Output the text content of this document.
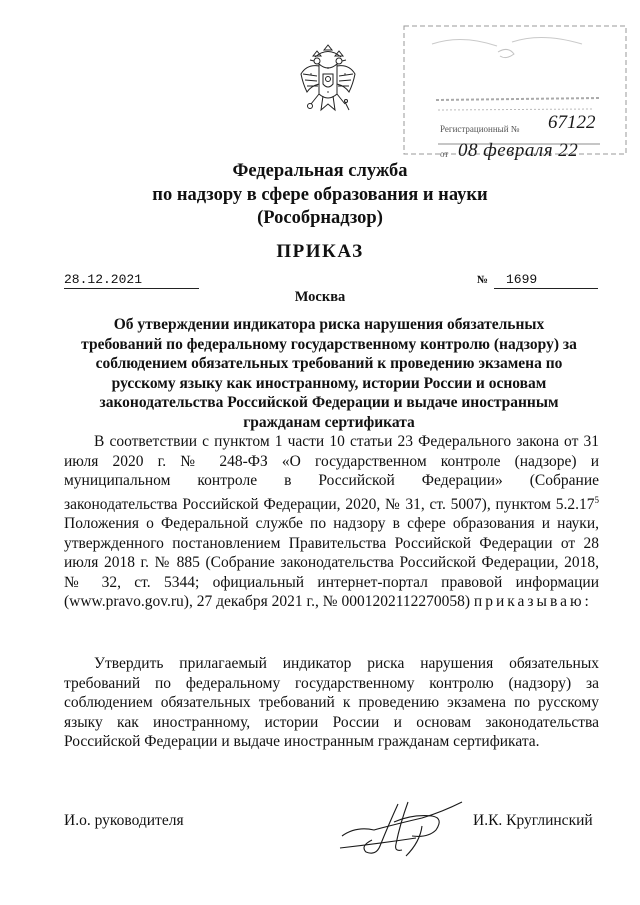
Регистрационный № 67122
от 08 февраля 22
Федеральная служба
по надзору в сфере образования и науки
(Рособрнадзор)
ПРИКАЗ
28.12.2021	№	1699
Москва
Об утверждении индикатора риска нарушения обязательных требований по федеральному государственному контролю (надзору) за соблюдением обязательных требований к проведению экзамена по русскому языку как иностранному, истории России и основам законодательства Российской Федерации и выдаче иностранным гражданам сертификата
В соответствии с пунктом 1 части 10 статьи 23 Федерального закона от 31 июля 2020 г. № 248-ФЗ «О государственном контроле (надзоре) и муниципальном контроле в Российской Федерации» (Собрание законодательства Российской Федерации, 2020, № 31, ст. 5007), пунктом 5.2.17$^5$ Положения о Федеральной службе по надзору в сфере образования и науки, утвержденного постановлением Правительства Российской Федерации от 28 июля 2018 г. № 885 (Собрание законодательства Российской Федерации, 2018, № 32, ст. 5344; официальный интернет-портал правовой информации (www.pravo.gov.ru), 27 декабря 2021 г., № 0001202112270058) приказываю:
Утвердить прилагаемый индикатор риска нарушения обязательных требований по федеральному государственному контролю (надзору) за соблюдением обязательных требований к проведению экзамена по русскому языку как иностранному, истории России и основам законодательства Российской Федерации и выдаче иностранным гражданам сертификата.
И.о. руководителя	И.К. Круглинский
